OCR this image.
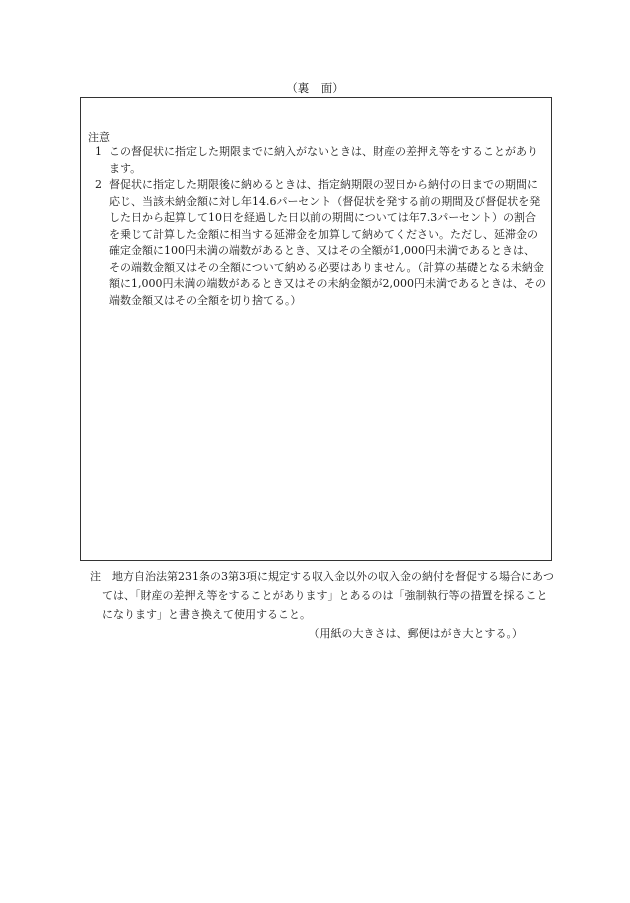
（裏　面）
注意
1 この督促状に指定した期限までに納入がないときは、財産の差押え等をすることがあります。
2 督促状に指定した期限後に納めるときは、指定納期限の翌日から納付の日までの期間に応じ、当該未納金額に対し年14.6パーセント（督促状を発する前の期間及び督促状を発した日から起算して10日を経過した日以前の期間については年7.3パーセント）の割合を乗じて計算した金額に相当する延滞金を加算して納めてください。ただし、延滞金の確定金額に100円未満の端数があるとき、又はその全額が1,000円未満であるときは、その端数金額又はその全額について納める必要はありません。（計算の基礎となる未納金額に1,000円未満の端数があるとき又はその未納金額が2,000円未満であるときは、その端数金額又はその全額を切り捨てる。）
注　地方自治法第231条の3第3項に規定する収入金以外の収入金の納付を督促する場合にあつては、「財産の差押え等をすることがあります」とあるのは「強制執行等の措置を採ることになります」と書き換えて使用すること。
（用紙の大きさは、郵便はがき大とする。）
